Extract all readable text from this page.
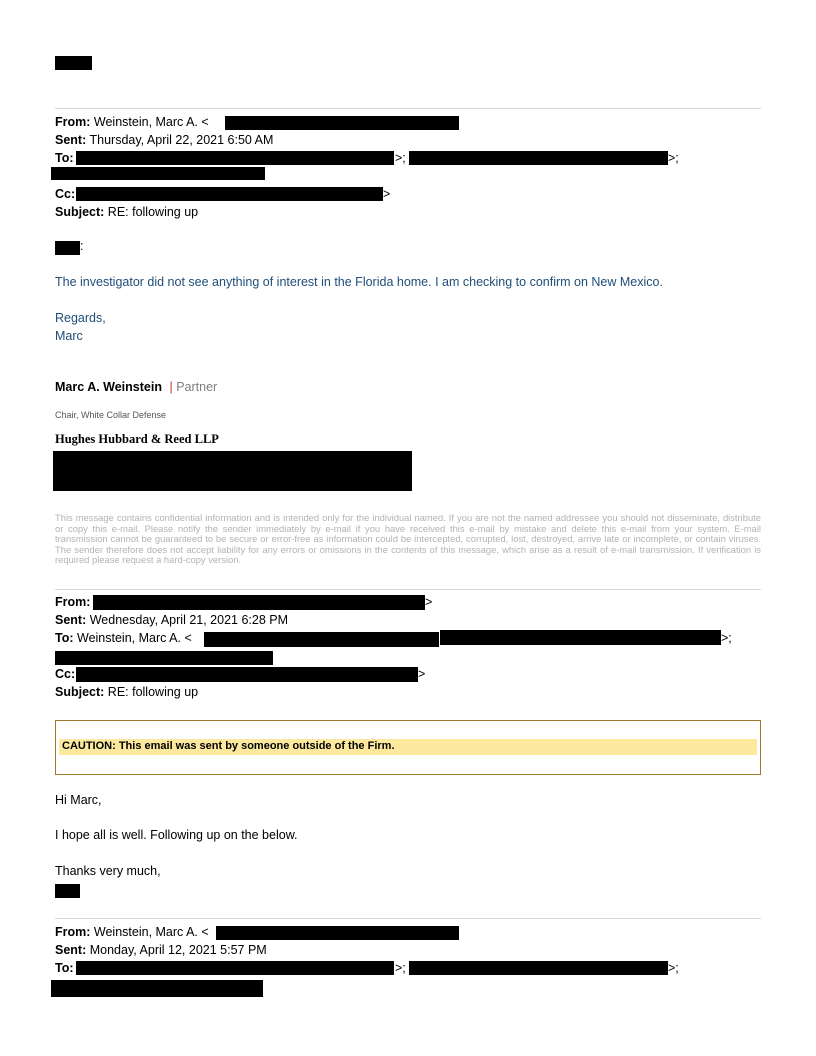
From: Weinstein, Marc A. <
Sent: Thursday, April 22, 2021 6:50 AM
To:	>;	>;
Cc:	>
Subject: RE: following up
:
The investigator did not see anything of interest in the Florida home. I am checking to confirm on New Mexico.
Regards,
Marc
Marc A. Weinstein | Partner
Chair, White Collar Defense
Hughes Hubbard & Reed LLP
This message contains confidential information and is intended only for the individual named. If you are not the named addressee you should not disseminate, distribute or copy this e-mail. Please notify the sender immediately by e-mail if you have received this e-mail by mistake and delete this e-mail from your system. E-mail transmission cannot be guaranteed to be secure or error-free as information could be intercepted, corrupted, lost, destroyed, arrive late or incomplete, or contain viruses. The sender therefore does not accept liability for any errors or omissions in the contents of this message, which arise as a result of e-mail transmission. If verification is required please request a hard-copy version.
From:	>
Sent: Wednesday, April 21, 2021 6:28 PM
To: Weinstein, Marc A. <	>;
Cc:	>
Subject: RE: following up
CAUTION: This email was sent by someone outside of the Firm.
Hi Marc,
I hope all is well. Following up on the below.
Thanks very much,
From: Weinstein, Marc A. <
Sent: Monday, April 12, 2021 5:57 PM
To:	>;	>;
